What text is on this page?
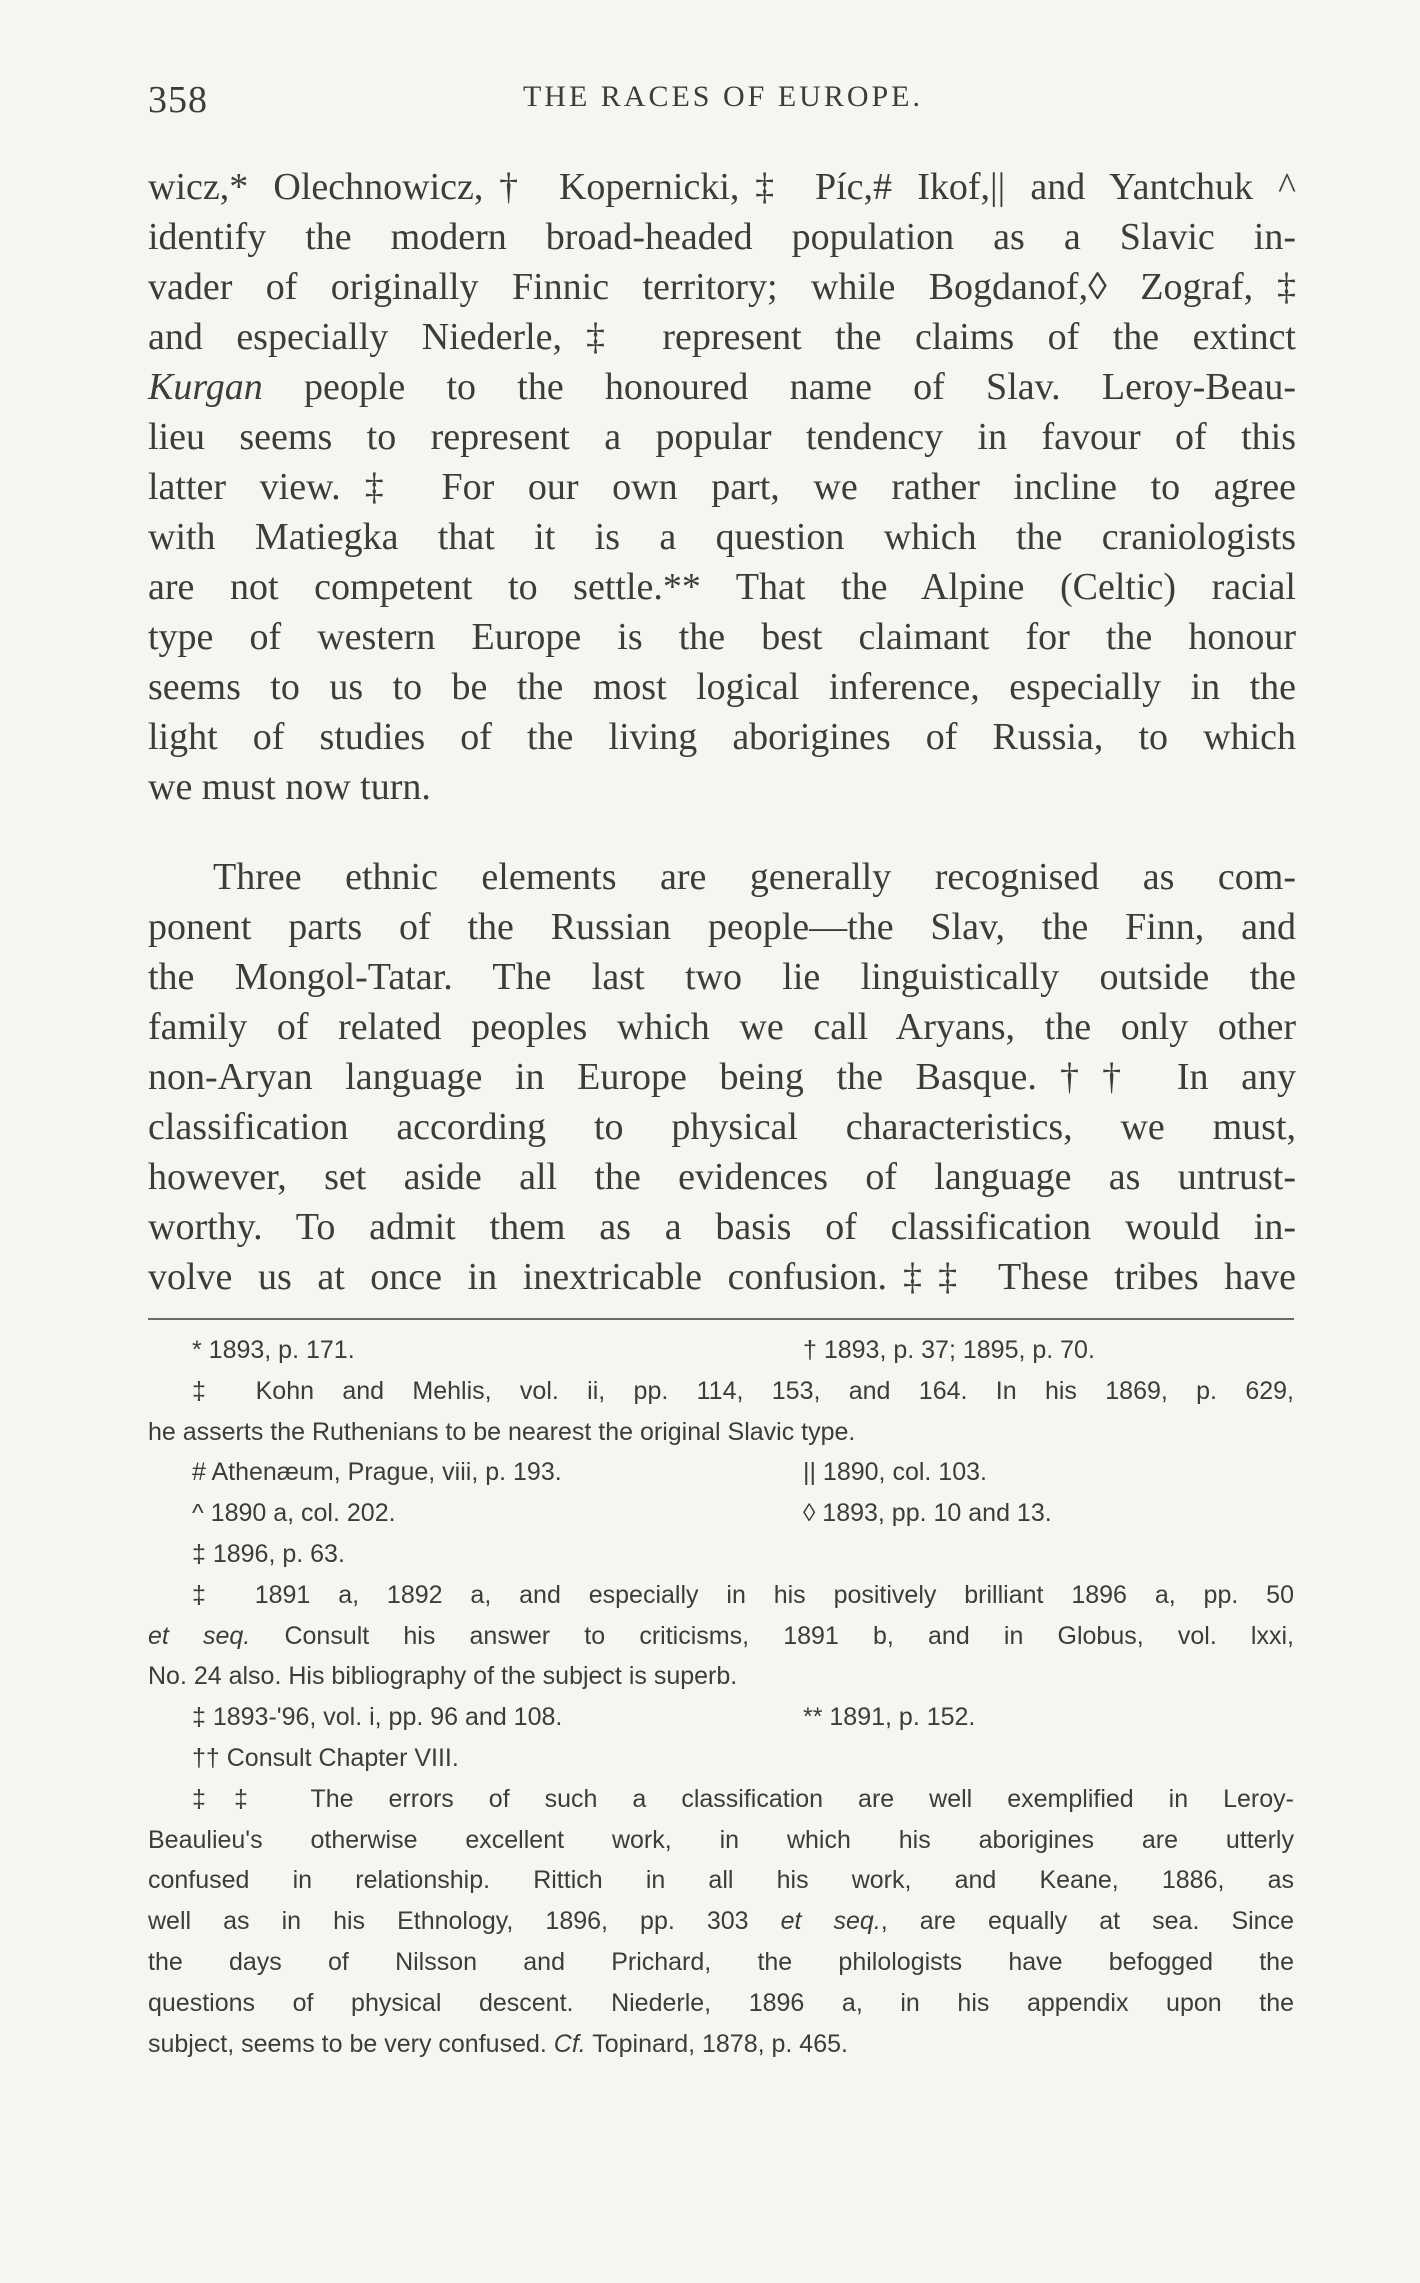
358	THE RACES OF EUROPE.
wicz,* Olechnowicz,† Kopernicki,‡ Píc,# Ikof,|| and Yantchuk ^
identify the modern broad-headed population as a Slavic in-
vader of originally Finnic territory; while Bogdanof,◊ Zograf,‡
and especially Niederle,‡ represent the claims of the extinct
Kurgan people to the honoured name of Slav. Leroy-Beau-
lieu seems to represent a popular tendency in favour of this
latter view.‡ For our own part, we rather incline to agree
with Matiegka that it is a question which the craniologists
are not competent to settle.** That the Alpine (Celtic) racial
type of western Europe is the best claimant for the honour
seems to us to be the most logical inference, especially in the
light of studies of the living aborigines of Russia, to which
we must now turn.
Three ethnic elements are generally recognised as com-
ponent parts of the Russian people—the Slav, the Finn, and
the Mongol-Tatar. The last two lie linguistically outside the
family of related peoples which we call Aryans, the only other
non-Aryan language in Europe being the Basque.†† In any
classification according to physical characteristics, we must,
however, set aside all the evidences of language as untrust-
worthy. To admit them as a basis of classification would in-
volve us at once in inextricable confusion.‡‡ These tribes have
* 1893, p. 171.	† 1893, p. 37; 1895, p. 70.
‡ Kohn and Mehlis, vol. ii, pp. 114, 153, and 164. In his 1869, p. 629,
he asserts the Ruthenians to be nearest the original Slavic type.
# Athenæum, Prague, viii, p. 193.	|| 1890, col. 103.
^ 1890 a, col. 202.	◊ 1893, pp. 10 and 13.
‡ 1896, p. 63.
‡ 1891 a, 1892 a, and especially in his positively brilliant 1896 a, pp. 50
et seq. Consult his answer to criticisms, 1891 b, and in Globus, vol. lxxi,
No. 24 also. His bibliography of the subject is superb.
‡ 1893-'96, vol. i, pp. 96 and 108.	** 1891, p. 152.
†† Consult Chapter VIII.
‡‡ The errors of such a classification are well exemplified in Leroy-
Beaulieu's otherwise excellent work, in which his aborigines are utterly
confused in relationship. Rittich in all his work, and Keane, 1886, as
well as in his Ethnology, 1896, pp. 303 et seq., are equally at sea. Since
the days of Nilsson and Prichard, the philologists have befogged the
questions of physical descent. Niederle, 1896 a, in his appendix upon the
subject, seems to be very confused. Cf. Topinard, 1878, p. 465.
